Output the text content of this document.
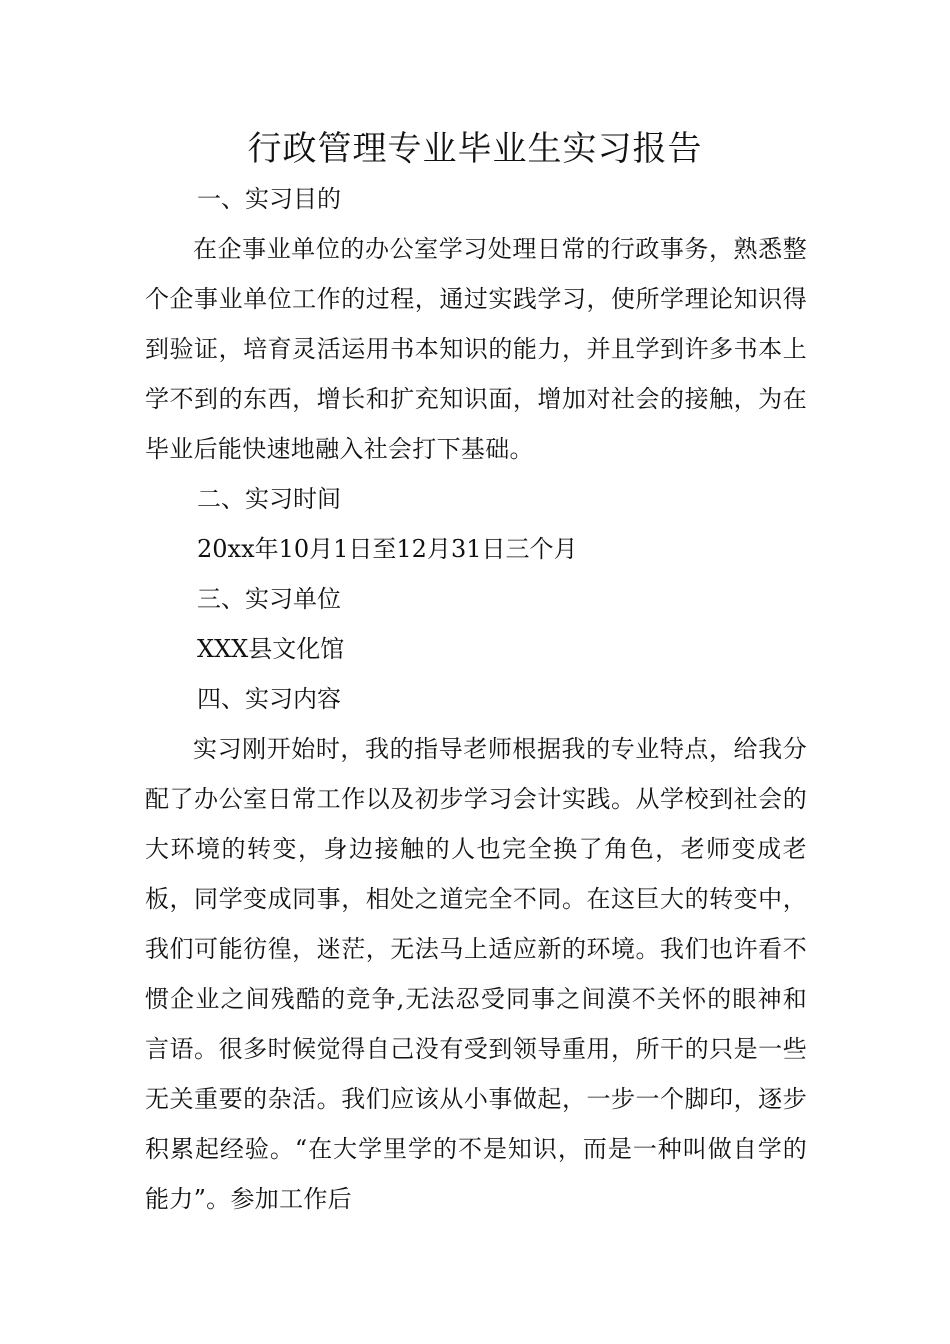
行政管理专业毕业生实习报告

一、实习目的

在企事业单位的办公室学习处理日常的行政事务，熟悉整个企事业单位工作的过程，通过实践学习，使所学理论知识得到验证，培育灵活运用书本知识的能力，并且学到许多书本上学不到的东西，增长和扩充知识面，增加对社会的接触，为在毕业后能快速地融入社会打下基础。

二、实习时间

20xx年10月1日至12月31日三个月

三、实习单位

XXX县文化馆

四、实习内容

实习刚开始时，我的指导老师根据我的专业特点，给我分配了办公室日常工作以及初步学习会计实践。从学校到社会的大环境的转变，身边接触的人也完全换了角色，老师变成老板，同学变成同事，相处之道完全不同。在这巨大的转变中，我们可能彷徨，迷茫，无法马上适应新的环境。我们也许看不惯企业之间残酷的竞争,无法忍受同事之间漠不关怀的眼神和言语。很多时候觉得自己没有受到领导重用，所干的只是一些无关重要的杂活。我们应该从小事做起，一步一个脚印，逐步积累起经验。“在大学里学的不是知识，而是一种叫做自学的能力”。参加工作后
